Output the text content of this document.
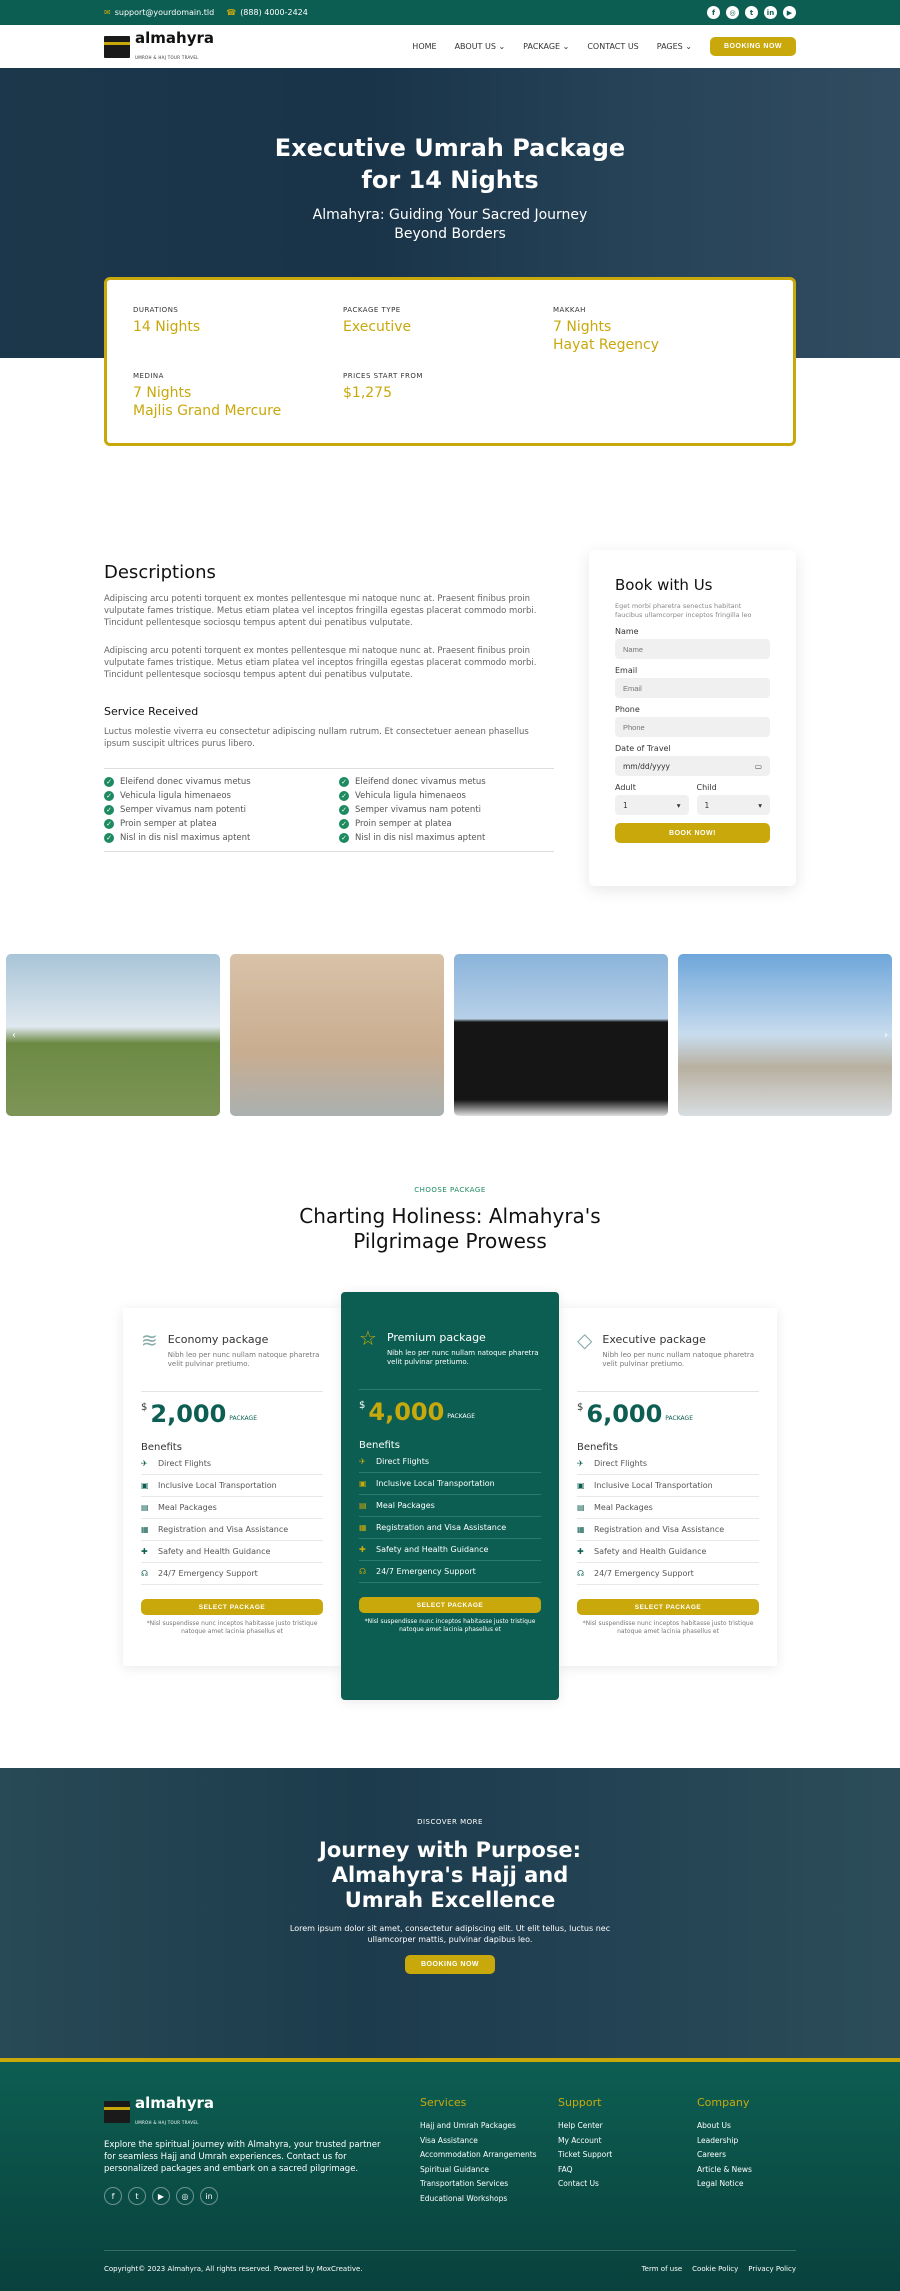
✉ support@yourdomain.tld ☎ (888) 4000-2424	f	◎	t	in	▶
almahyra
UMROH & HAJ TOUR TRAVEL
HOME ABOUT US ⌄ PACKAGE ⌄ CONTACT US PAGES ⌄	BOOKING NOW
Executive Umrah Package for 14 Nights

Almahyra: Guiding Your Sacred Journey Beyond Borders

DURATIONS
14 Nights
PACKAGE TYPE
Executive
MAKKAH
7 Nights
Hayat Regency
MEDINA
7 Nights
Majlis Grand Mercure
PRICES START FROM
$1,275
Descriptions

Adipiscing arcu potenti torquent ex montes pellentesque mi natoque nunc at. Praesent finibus proin vulputate fames tristique. Metus etiam platea vel inceptos fringilla egestas placerat commodo morbi. Tincidunt pellentesque sociosqu tempus aptent dui penatibus vulputate.

Adipiscing arcu potenti torquent ex montes pellentesque mi natoque nunc at. Praesent finibus proin vulputate fames tristique. Metus etiam platea vel inceptos fringilla egestas placerat commodo morbi. Tincidunt pellentesque sociosqu tempus aptent dui penatibus vulputate.

Service Received

Luctus molestie viverra eu consectetur adipiscing nullam rutrum. Et consectetuer aenean phasellus ipsum suscipit ultrices purus libero.

✓ Eleifend donec vivamus metus	✓ Eleifend donec vivamus metus
✓ Vehicula ligula himenaeos	✓ Vehicula ligula himenaeos
✓ Semper vivamus nam potenti	✓ Semper vivamus nam potenti
✓ Proin semper at platea	✓ Proin semper at platea
✓ Nisl in dis nisl maximus aptent	✓ Nisl in dis nisl maximus aptent
Book with Us
Eget morbi pharetra senectus habitant faucibus ullamcorper inceptos fringilla leo
Name
Name
Email
Email
Phone
Phone
Date of Travel
mm/dd/yyyy	▭
Adult
1	▾
Child
1	▾
BOOK NOW!
‹	›
CHOOSE PACKAGE
Charting Holiness: Almahyra's Pilgrimage Prowess
≋ Economy package

Nibh leo per nunc nullam natoque pharetra velit pulvinar pretiumo.

$ 2,000 PACKAGE
Benefits
✈ Direct Flights
▣ Inclusive Local Transportation
▤ Meal Packages
▦ Registration and Visa Assistance
✚ Safety and Health Guidance
☊ 24/7 Emergency Support
SELECT PACKAGE
*Nisl suspendisse nunc inceptos habitasse justo tristique natoque amet lacinia phasellus et
☆ Premium package

Nibh leo per nunc nullam natoque pharetra velit pulvinar pretiumo.

$ 4,000 PACKAGE
Benefits
✈ Direct Flights
▣ Inclusive Local Transportation
▤ Meal Packages
▦ Registration and Visa Assistance
✚ Safety and Health Guidance
☊ 24/7 Emergency Support
SELECT PACKAGE
*Nisl suspendisse nunc inceptos habitasse justo tristique natoque amet lacinia phasellus et
◇ Executive package

Nibh leo per nunc nullam natoque pharetra velit pulvinar pretiumo.

$ 6,000 PACKAGE
Benefits
✈ Direct Flights
▣ Inclusive Local Transportation
▤ Meal Packages
▦ Registration and Visa Assistance
✚ Safety and Health Guidance
☊ 24/7 Emergency Support
SELECT PACKAGE
*Nisl suspendisse nunc inceptos habitasse justo tristique natoque amet lacinia phasellus et
DISCOVER MORE
Journey with Purpose: Almahyra's Hajj and Umrah Excellence

Lorem ipsum dolor sit amet, consectetur adipiscing elit. Ut elit tellus, luctus nec ullamcorper mattis, pulvinar dapibus leo.

BOOKING NOW
almahyra
UMROH & HAJ TOUR TRAVEL

Explore the spiritual journey with Almahyra, your trusted partner for seamless Hajj and Umrah experiences. Contact us for personalized packages and embark on a sacred pilgrimage.

f	t	▶	◎	in
Services
Hajj and Umrah Packages
Visa Assistance
Accommodation Arrangements
Spiritual Guidance
Transportation Services
Educational Workshops
Support
Help Center
My Account
Ticket Support
FAQ
Contact Us
Company
About Us
Leadership
Careers
Article & News
Legal Notice
Copyright© 2023 Almahyra, All rights reserved. Powered by MoxCreative.	Term of use Cookie Policy Privacy Policy
